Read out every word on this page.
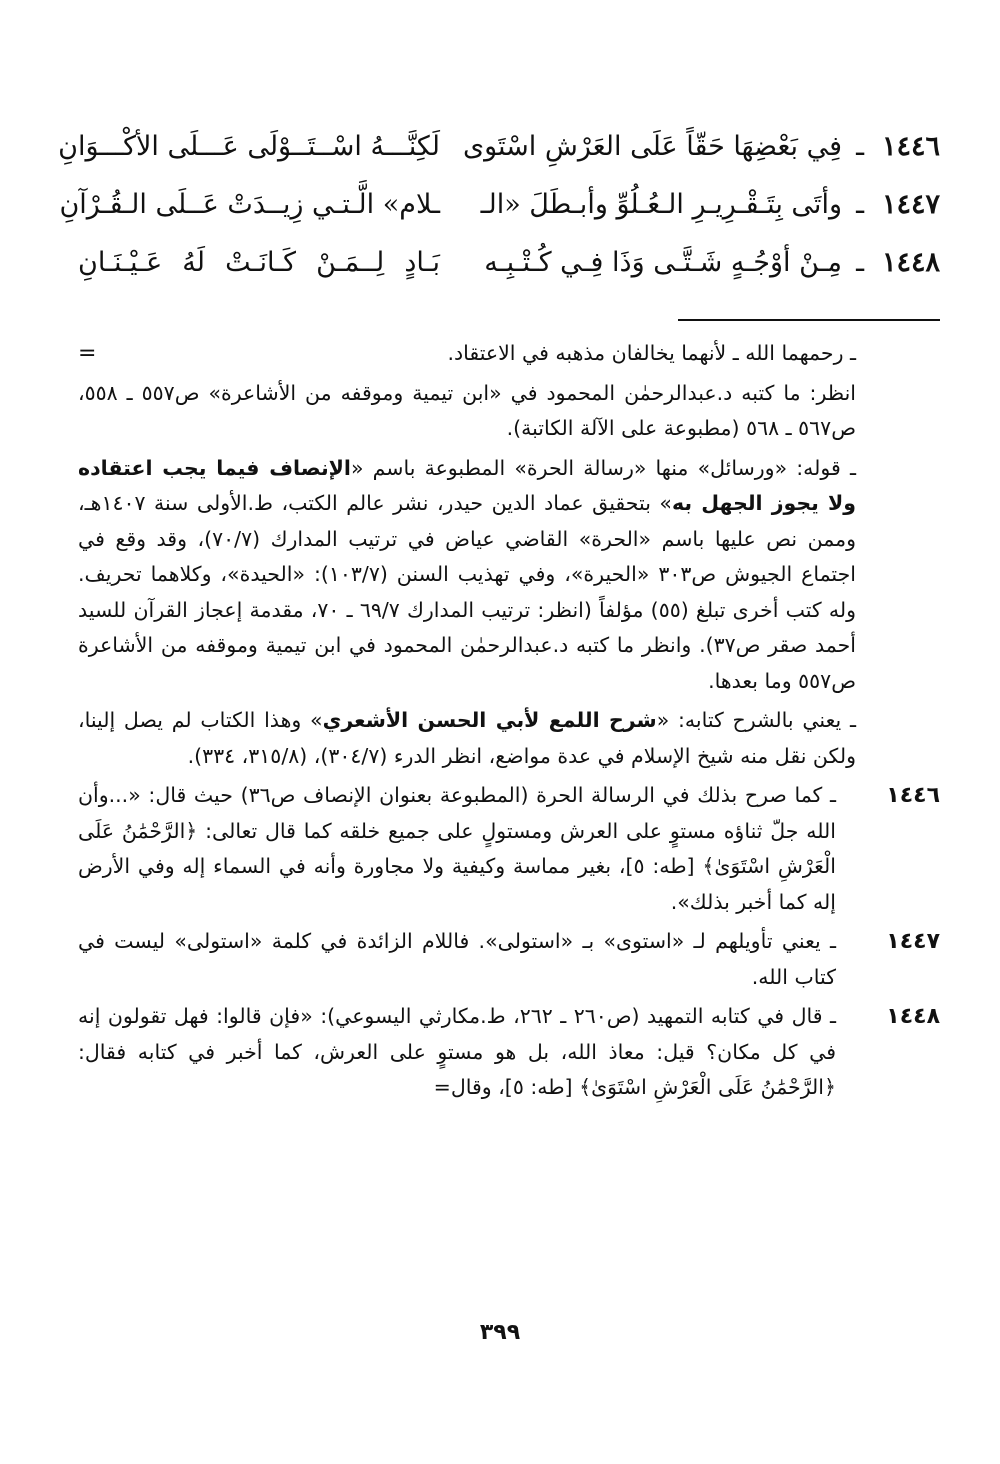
١٤٤٦
ـ
فِي بَعْضِهَا حَقّاً عَلَى العَرْشِ اسْتَوى
لَكِنَّـــهُ اسْــتَــوْلَى عَـــلَى الأكْـــوَانِ
١٤٤٧
ـ
وأتَى بِتَـقْـرِيـرِ الـعُـلُوِّ وأبـطَلَ «الـ
ـلام» الَّـتـي زِيــدَتْ عَــلَى الـقُـرْآنِ
١٤٤٨
ـ
مِـنْ أوْجُـهٍ شَـتَّـى وَذَا فِـي كُـتْـبِـه
بَـادٍ لِــمَـنْ كَـانَـتْ لَهُ عَـيْـنَـانِ
=	ـ رحمهما الله ـ لأنهما يخالفان مذهبه في الاعتقاد.

انظر: ما كتبه د.عبدالرحمٰن المحمود في «ابن تيمية وموقفه من الأشاعرة» ص٥٥٧ ـ ٥٥٨، ص٥٦٧ ـ ٥٦٨ (مطبوعة على الآلة الكاتبة).

ـ قوله: «ورسائل» منها «رسالة الحرة» المطبوعة باسم «الإنصاف فيما يجب اعتقاده ولا يجوز الجهل به» بتحقيق عماد الدين حيدر، نشر عالم الكتب، ط.الأولى سنة ١٤٠٧هـ، وممن نص عليها باسم «الحرة» القاضي عياض في ترتيب المدارك (٧٠/٧)، وقد وقع في اجتماع الجيوش ص٣٠٣ «الحيرة»، وفي تهذيب السنن (١٠٣/٧): «الحيدة»، وكلاهما تحريف. وله كتب أخرى تبلغ (٥٥) مؤلفاً (انظر: ترتيب المدارك ٦٩/٧ ـ ٧٠، مقدمة إعجاز القرآن للسيد أحمد صقر ص٣٧). وانظر ما كتبه د.عبدالرحمٰن المحمود في ابن تيمية وموقفه من الأشاعرة ص٥٥٧ وما بعدها.

ـ يعني بالشرح كتابه: «شرح اللمع لأبي الحسن الأشعري» وهذا الكتاب لم يصل إلينا، ولكن نقل منه شيخ الإسلام في عدة مواضع، انظر الدرء (٣٠٤/٧)، (٣١٥/٨، ٣٣٤).

١٤٤٦

ـ كما صرح بذلك في الرسالة الحرة (المطبوعة بعنوان الإنصاف ص٣٦) حيث قال: «...وأن الله جلّ ثناؤه مستوٍ على العرش ومستولٍ على جميع خلقه كما قال تعالى: ﴿الرَّحْمَٰنُ عَلَى الْعَرْشِ اسْتَوَىٰ﴾ [طه: ٥]، بغير مماسة وكيفية ولا مجاورة وأنه في السماء إله وفي الأرض إله كما أخبر بذلك».

١٤٤٧

ـ يعني تأويلهم لـ «استوى» بـ «استولى». فاللام الزائدة في كلمة «استولى» ليست في كتاب الله.

١٤٤٨

ـ قال في كتابه التمهيد (ص٢٦٠ ـ ٢٦٢، ط.مكارثي اليسوعي): «فإن قالوا: فهل تقولون إنه في كل مكان؟ قيل: معاذ الله، بل هو مستوٍ على العرش، كما أخبر في كتابه فقال: ﴿الرَّحْمَٰنُ عَلَى الْعَرْشِ اسْتَوَىٰ﴾ [طه: ٥]، وقال=

٣٩٩
